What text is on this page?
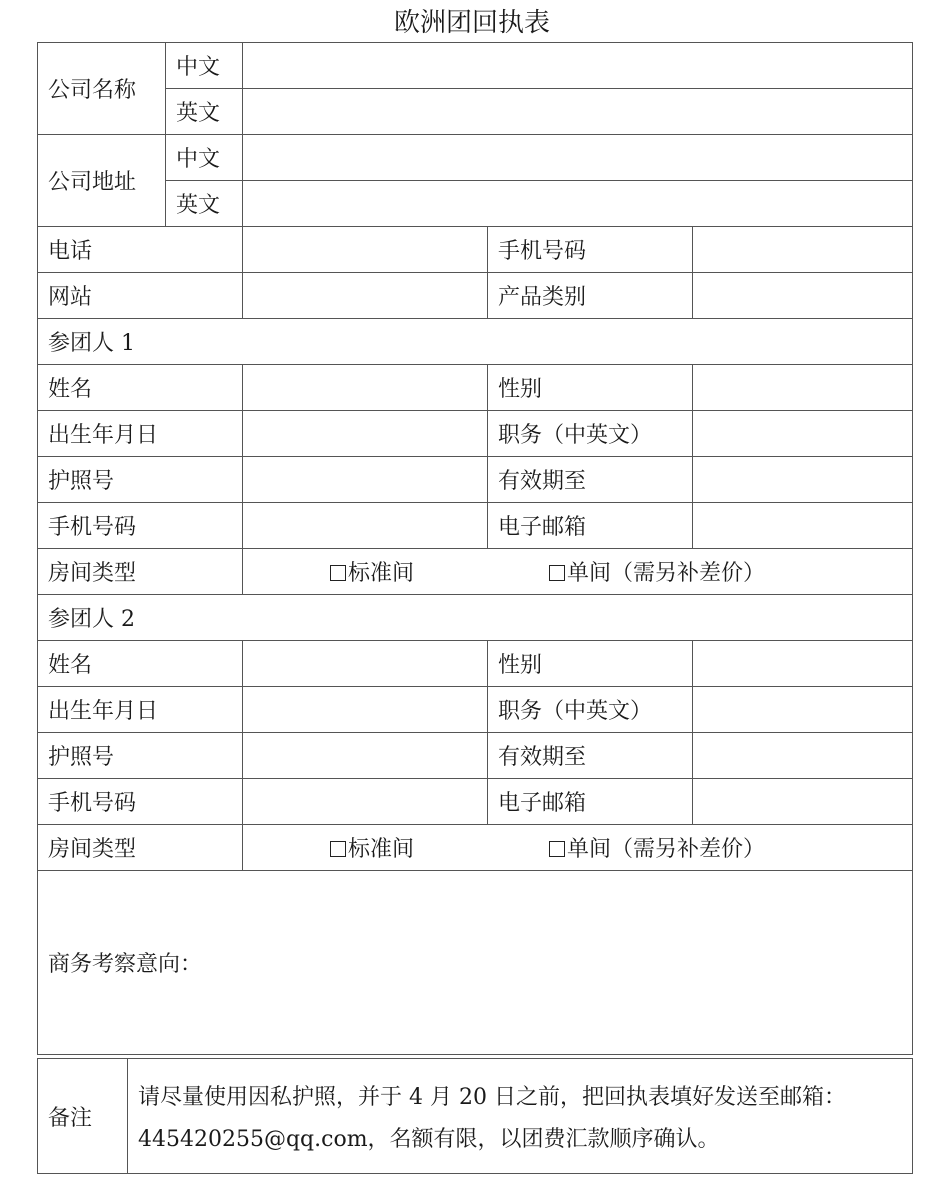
欧洲团回执表
公司名称	中文			
	英文			
公司地址	中文			
	英文			
电话			手机号码	
网站			产品类别	
参团人 1				
姓名			性别	
出生年月日			职务（中英文）	
护照号			有效期至	
手机号码			电子邮箱	
房间类型		标准间 单间（需另补差价）		
参团人 2				
姓名			性别	
出生年月日			职务（中英文）	
护照号			有效期至	
手机号码			电子邮箱	
房间类型		标准间 单间（需另补差价）		
商务考察意向：				
备注	
请尽量使用因私护照，并于 4 月 20 日之前，把回执表填好发送至邮箱：
445420255@qq.com，名额有限，以团费汇款顺序确认。
